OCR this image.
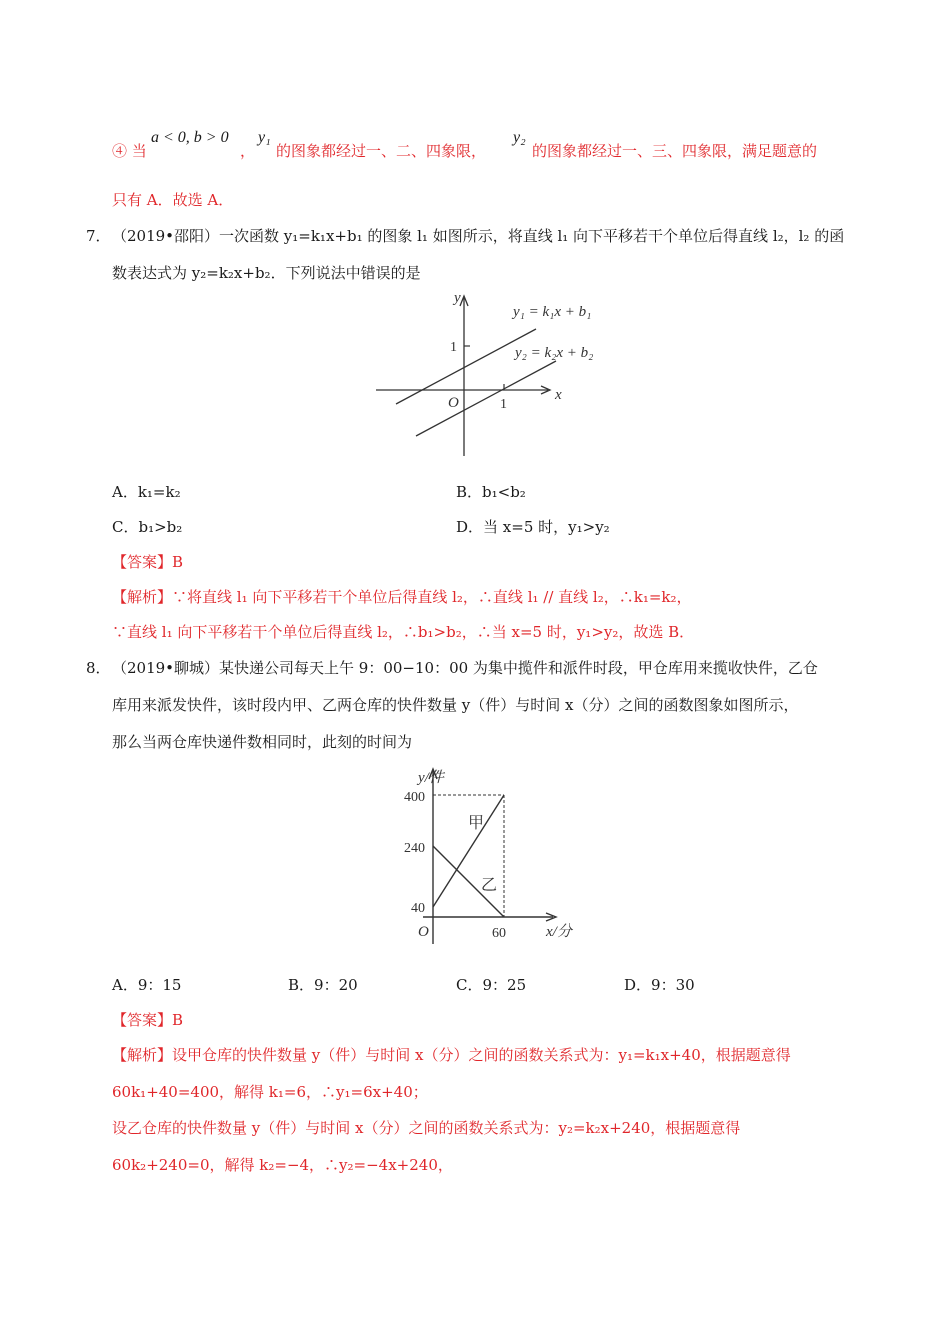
④ 当
a < 0, b > 0
，
y₁
的图象都经过一、二、四象限，
y₂
的图象都经过一、三、四象限，满足题意的
只有 A．故选 A．
7． （2019•邵阳）一次函数 y₁=k₁x+b₁ 的图象 l₁ 如图所示，将直线 l₁ 向下平移若干个单位后得直线 l₂，l₂ 的函
数表达式为 y₂=k₂x+b₂．下列说法中错误的是
y
x
O
1
1
y₁ = k₁x + b₁
y₂ = k₂x + b₂
A．k₁=k₂	B．b₁<b₂
C．b₁>b₂	D．当 x=5 时，y₁>y₂
【答案】B
【解析】∵将直线 l₁ 向下平移若干个单位后得直线 l₂，∴直线 l₁ // 直线 l₂，∴k₁=k₂，
∵直线 l₁ 向下平移若干个单位后得直线 l₂，∴b₁>b₂，∴当 x=5 时，y₁>y₂，故选 B．
8． （2019•聊城）某快递公司每天上午 9：00−10：00 为集中揽件和派件时段，甲仓库用来揽收快件，乙仓
库用来派发快件，该时段内甲、乙两仓库的快件数量 y（件）与时间 x（分）之间的函数图象如图所示，
那么当两仓库快递件数相同时，此刻的时间为
y/件
x/分
O
400
240
40
60
甲
乙
A．9：15	B．9：20	C．9：25	D．9：30
【答案】B
【解析】设甲仓库的快件数量 y（件）与时间 x（分）之间的函数关系式为：y₁=k₁x+40，根据题意得
60k₁+40=400，解得 k₁=6，∴y₁=6x+40；
设乙仓库的快件数量 y（件）与时间 x（分）之间的函数关系式为：y₂=k₂x+240，根据题意得
60k₂+240=0，解得 k₂=−4，∴y₂=−4x+240，
